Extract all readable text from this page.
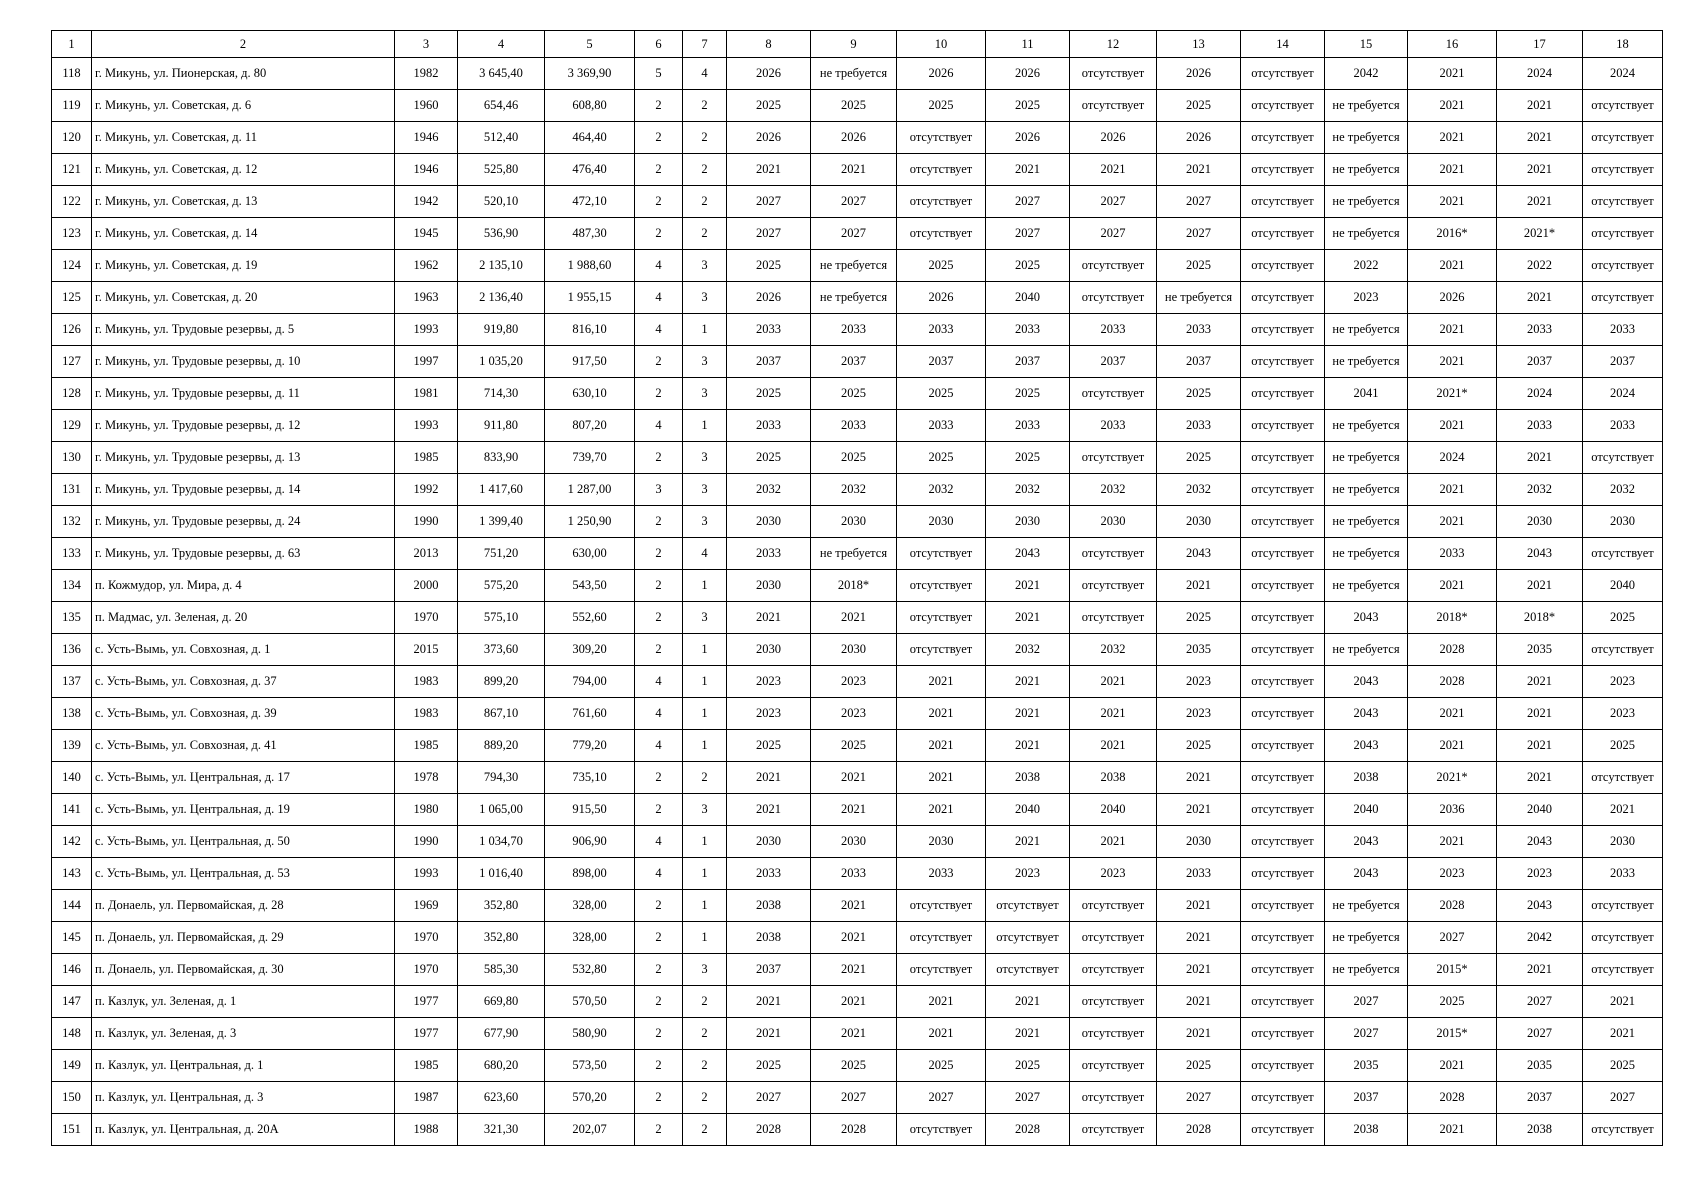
1	2	3	4	5	6	7	8	9	10	11	12	13	14	15	16	17	18
118	г. Микунь, ул. Пионерская, д. 80	1982	3 645,40	3 369,90	5	4	2026	не требуется	2026	2026	отсутствует	2026	отсутствует	2042	2021	2024	2024
119	г. Микунь, ул. Советская, д. 6	1960	654,46	608,80	2	2	2025	2025	2025	2025	отсутствует	2025	отсутствует	не требуется	2021	2021	отсутствует
120	г. Микунь, ул. Советская, д. 11	1946	512,40	464,40	2	2	2026	2026	отсутствует	2026	2026	2026	отсутствует	не требуется	2021	2021	отсутствует
121	г. Микунь, ул. Советская, д. 12	1946	525,80	476,40	2	2	2021	2021	отсутствует	2021	2021	2021	отсутствует	не требуется	2021	2021	отсутствует
122	г. Микунь, ул. Советская, д. 13	1942	520,10	472,10	2	2	2027	2027	отсутствует	2027	2027	2027	отсутствует	не требуется	2021	2021	отсутствует
123	г. Микунь, ул. Советская, д. 14	1945	536,90	487,30	2	2	2027	2027	отсутствует	2027	2027	2027	отсутствует	не требуется	2016*	2021*	отсутствует
124	г. Микунь, ул. Советская, д. 19	1962	2 135,10	1 988,60	4	3	2025	не требуется	2025	2025	отсутствует	2025	отсутствует	2022	2021	2022	отсутствует
125	г. Микунь, ул. Советская, д. 20	1963	2 136,40	1 955,15	4	3	2026	не требуется	2026	2040	отсутствует	не требуется	отсутствует	2023	2026	2021	отсутствует
126	г. Микунь, ул. Трудовые резервы, д. 5	1993	919,80	816,10	4	1	2033	2033	2033	2033	2033	2033	отсутствует	не требуется	2021	2033	2033
127	г. Микунь, ул. Трудовые резервы, д. 10	1997	1 035,20	917,50	2	3	2037	2037	2037	2037	2037	2037	отсутствует	не требуется	2021	2037	2037
128	г. Микунь, ул. Трудовые резервы, д. 11	1981	714,30	630,10	2	3	2025	2025	2025	2025	отсутствует	2025	отсутствует	2041	2021*	2024	2024
129	г. Микунь, ул. Трудовые резервы, д. 12	1993	911,80	807,20	4	1	2033	2033	2033	2033	2033	2033	отсутствует	не требуется	2021	2033	2033
130	г. Микунь, ул. Трудовые резервы, д. 13	1985	833,90	739,70	2	3	2025	2025	2025	2025	отсутствует	2025	отсутствует	не требуется	2024	2021	отсутствует
131	г. Микунь, ул. Трудовые резервы, д. 14	1992	1 417,60	1 287,00	3	3	2032	2032	2032	2032	2032	2032	отсутствует	не требуется	2021	2032	2032
132	г. Микунь, ул. Трудовые резервы, д. 24	1990	1 399,40	1 250,90	2	3	2030	2030	2030	2030	2030	2030	отсутствует	не требуется	2021	2030	2030
133	г. Микунь, ул. Трудовые резервы, д. 63	2013	751,20	630,00	2	4	2033	не требуется	отсутствует	2043	отсутствует	2043	отсутствует	не требуется	2033	2043	отсутствует
134	п. Кожмудор, ул. Мира, д. 4	2000	575,20	543,50	2	1	2030	2018*	отсутствует	2021	отсутствует	2021	отсутствует	не требуется	2021	2021	2040
135	п. Мадмас, ул. Зеленая, д. 20	1970	575,10	552,60	2	3	2021	2021	отсутствует	2021	отсутствует	2025	отсутствует	2043	2018*	2018*	2025
136	с. Усть-Вымь, ул. Совхозная, д. 1	2015	373,60	309,20	2	1	2030	2030	отсутствует	2032	2032	2035	отсутствует	не требуется	2028	2035	отсутствует
137	с. Усть-Вымь, ул. Совхозная, д. 37	1983	899,20	794,00	4	1	2023	2023	2021	2021	2021	2023	отсутствует	2043	2028	2021	2023
138	с. Усть-Вымь, ул. Совхозная, д. 39	1983	867,10	761,60	4	1	2023	2023	2021	2021	2021	2023	отсутствует	2043	2021	2021	2023
139	с. Усть-Вымь, ул. Совхозная, д. 41	1985	889,20	779,20	4	1	2025	2025	2021	2021	2021	2025	отсутствует	2043	2021	2021	2025
140	с. Усть-Вымь, ул. Центральная, д. 17	1978	794,30	735,10	2	2	2021	2021	2021	2038	2038	2021	отсутствует	2038	2021*	2021	отсутствует
141	с. Усть-Вымь, ул. Центральная, д. 19	1980	1 065,00	915,50	2	3	2021	2021	2021	2040	2040	2021	отсутствует	2040	2036	2040	2021
142	с. Усть-Вымь, ул. Центральная, д. 50	1990	1 034,70	906,90	4	1	2030	2030	2030	2021	2021	2030	отсутствует	2043	2021	2043	2030
143	с. Усть-Вымь, ул. Центральная, д. 53	1993	1 016,40	898,00	4	1	2033	2033	2033	2023	2023	2033	отсутствует	2043	2023	2023	2033
144	п. Донаель, ул. Первомайская, д. 28	1969	352,80	328,00	2	1	2038	2021	отсутствует	отсутствует	отсутствует	2021	отсутствует	не требуется	2028	2043	отсутствует
145	п. Донаель, ул. Первомайская, д. 29	1970	352,80	328,00	2	1	2038	2021	отсутствует	отсутствует	отсутствует	2021	отсутствует	не требуется	2027	2042	отсутствует
146	п. Донаель, ул. Первомайская, д. 30	1970	585,30	532,80	2	3	2037	2021	отсутствует	отсутствует	отсутствует	2021	отсутствует	не требуется	2015*	2021	отсутствует
147	п. Казлук, ул. Зеленая, д. 1	1977	669,80	570,50	2	2	2021	2021	2021	2021	отсутствует	2021	отсутствует	2027	2025	2027	2021
148	п. Казлук, ул. Зеленая, д. 3	1977	677,90	580,90	2	2	2021	2021	2021	2021	отсутствует	2021	отсутствует	2027	2015*	2027	2021
149	п. Казлук, ул. Центральная, д. 1	1985	680,20	573,50	2	2	2025	2025	2025	2025	отсутствует	2025	отсутствует	2035	2021	2035	2025
150	п. Казлук, ул. Центральная, д. 3	1987	623,60	570,20	2	2	2027	2027	2027	2027	отсутствует	2027	отсутствует	2037	2028	2037	2027
151	п. Казлук, ул. Центральная, д. 20А	1988	321,30	202,07	2	2	2028	2028	отсутствует	2028	отсутствует	2028	отсутствует	2038	2021	2038	отсутствует
